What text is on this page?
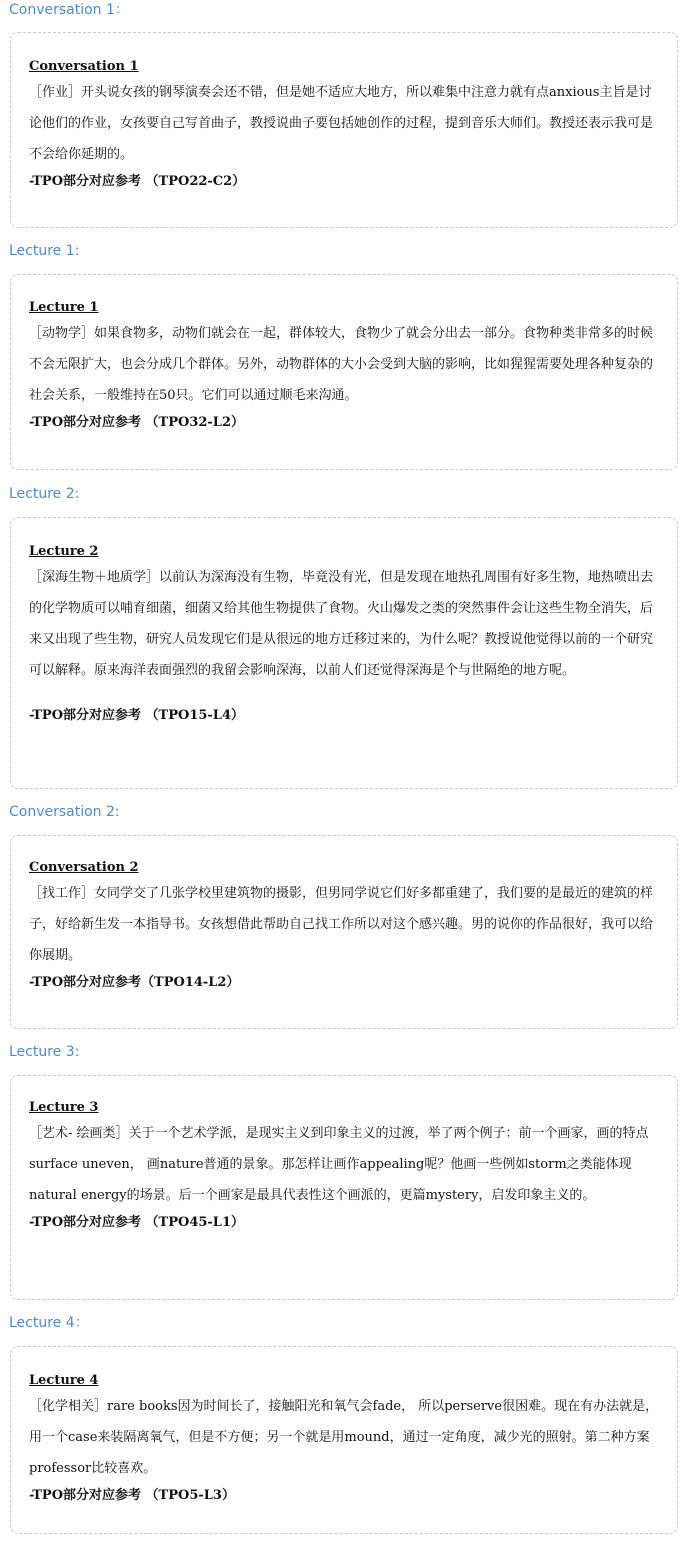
Conversation 1：
Conversation 1

［作业］开头说女孩的钢琴演奏会还不错，但是她不适应大地方，所以难集中注意力就有点anxious主旨是讨论他们的作业，女孩要自己写首曲子，教授说曲子要包括她创作的过程，提到音乐大师们。教授还表示我可是不会给你延期的。

-TPO部分对应参考 （TPO22-C2）
Lecture 1:
Lecture 1

［动物学］如果食物多，动物们就会在一起，群体较大，食物少了就会分出去一部分。食物种类非常多的时候不会无限扩大，也会分成几个群体。另外，动物群体的大小会受到大脑的影响，比如猩猩需要处理各种复杂的社会关系，一般维持在50只。它们可以通过顺毛来沟通。

-TPO部分对应参考 （TPO32-L2）
Lecture 2:
Lecture 2

［深海生物＋地质学］以前认为深海没有生物，毕竟没有光，但是发现在地热孔周围有好多生物，地热喷出去的化学物质可以哺育细菌，细菌又给其他生物提供了食物。火山爆发之类的突然事件会让这些生物全消失，后来又出现了些生物，研究人员发现它们是从很远的地方迁移过来的，为什么呢？教授说他觉得以前的一个研究可以解释。原来海洋表面强烈的我留会影响深海，以前人们还觉得深海是个与世隔绝的地方呢。

-TPO部分对应参考 （TPO15-L4）
Conversation 2:
Conversation 2

［找工作］女同学交了几张学校里建筑物的摄影，但男同学说它们好多都重建了，我们要的是最近的建筑的样子，好给新生发一本指导书。女孩想借此帮助自己找工作所以对这个感兴趣。男的说你的作品很好，我可以给你展期。

-TPO部分对应参考（TPO14-L2）
Lecture 3:
Lecture 3

［艺术- 绘画类］关于一个艺术学派，是现实主义到印象主义的过渡，举了两个例子：前一个画家，画的特点 surface uneven， 画nature普通的景象。那怎样让画作appealing呢？他画一些例如storm之类能体现natural energy的场景。后一个画家是最具代表性这个画派的，更篇mystery，启发印象主义的。

-TPO部分对应参考 （TPO45-L1）
Lecture 4：
Lecture 4

［化学相关］rare books因为时间长了，接触阳光和氧气会fade， 所以perserve很困难。现在有办法就是，用一个case来装隔离氧气，但是不方便；另一个就是用mound，通过一定角度，减少光的照射。第二种方案professor比较喜欢。

-TPO部分对应参考 （TPO5-L3）
